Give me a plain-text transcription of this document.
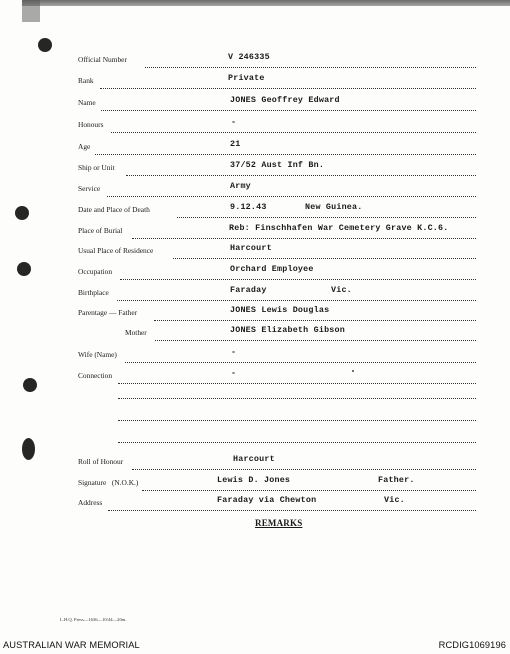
Official Number	V 246335
Rank	Private
Name	JONES Geoffrey Edward
Honours	-
Age	21
Ship or Unit	37/52 Aust Inf Bn.
Service	Army
Date and Place of Death	9.12.43	New Guinea.
Place of Burial	Reb: Finschhafen War Cemetery Grave K.C.6.
Usual Place of Residence	Harcourt
Occupation	Orchard Employee
Birthplace	Faraday	Vic.
Parentage — Father	JONES Lewis Douglas
Mother	JONES Elizabeth Gibson
Wife (Name)	-
Connection	-
Roll of Honour	Harcourt
Signature   (N.O.K.)	Lewis D. Jones	Father.
Address	Faraday via Chewton	Vic.
REMARKS
L.H.Q. Press—1636—10/44—20m.
AUSTRALIAN WAR MEMORIAL	RCDIG1069196
